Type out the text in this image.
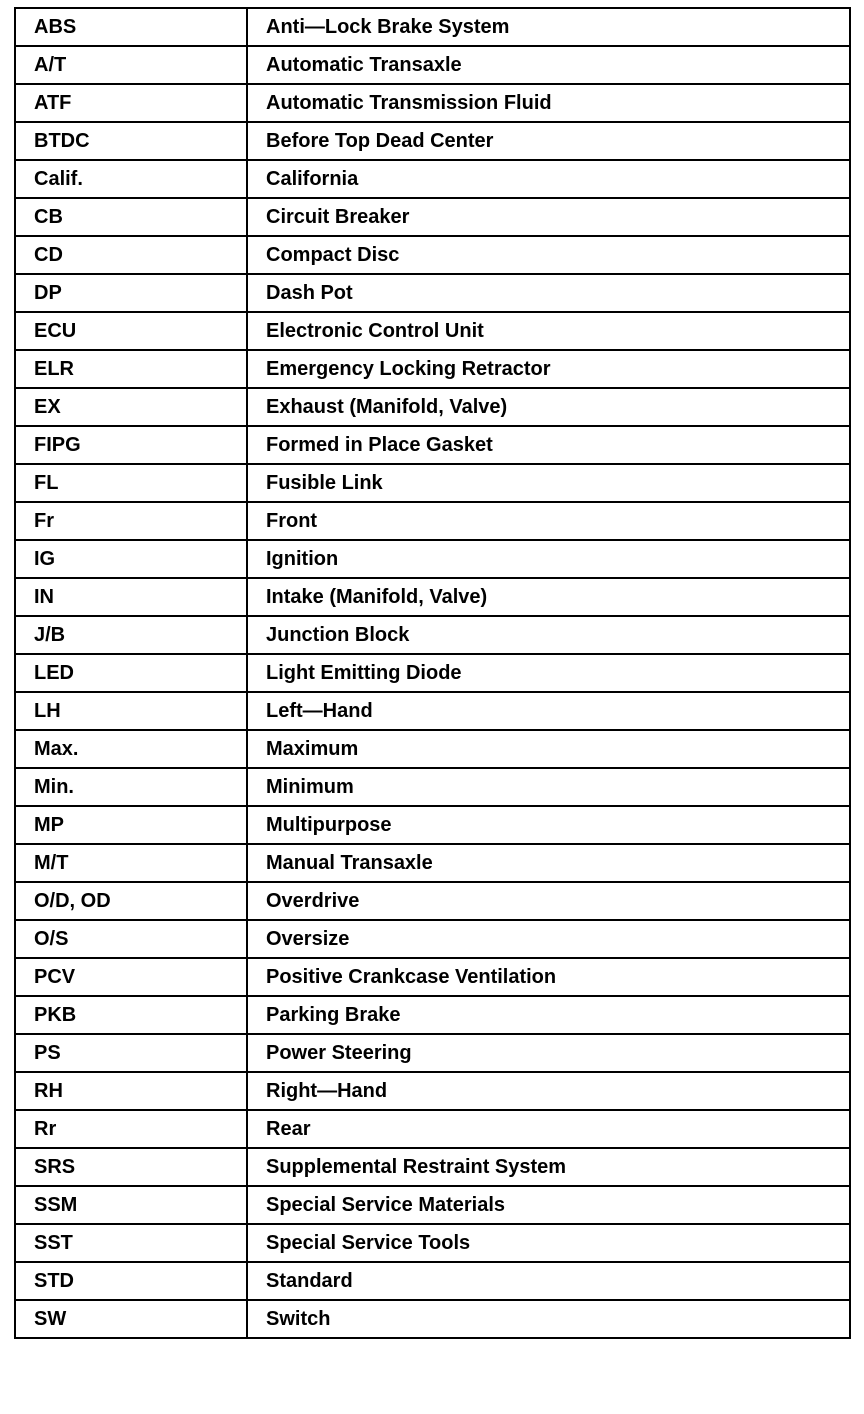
ABS	Anti—Lock Brake System
A/T	Automatic Transaxle
ATF	Automatic Transmission Fluid
BTDC	Before Top Dead Center
Calif.	California
CB	Circuit Breaker
CD	Compact Disc
DP	Dash Pot
ECU	Electronic Control Unit
ELR	Emergency Locking Retractor
EX	Exhaust (Manifold, Valve)
FIPG	Formed in Place Gasket
FL	Fusible Link
Fr	Front
IG	Ignition
IN	Intake (Manifold, Valve)
J/B	Junction Block
LED	Light Emitting Diode
LH	Left—Hand
Max.	Maximum
Min.	Minimum
MP	Multipurpose
M/T	Manual Transaxle
O/D, OD	Overdrive
O/S	Oversize
PCV	Positive Crankcase Ventilation
PKB	Parking Brake
PS	Power Steering
RH	Right—Hand
Rr	Rear
SRS	Supplemental Restraint System
SSM	Special Service Materials
SST	Special Service Tools
STD	Standard
SW	Switch
